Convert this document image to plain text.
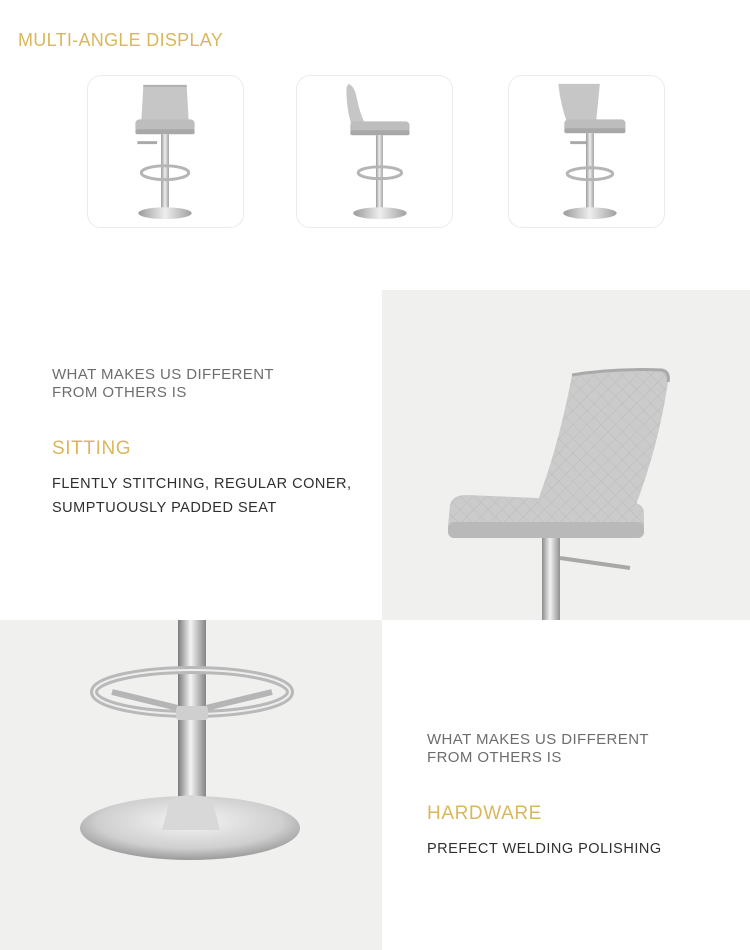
MULTI-ANGLE DISPLAY
WHAT MAKES US DIFFERENT FROM OTHERS IS
SITTING
FLENTLY STITCHING, REGULAR CONER, SUMPTUOUSLY PADDED SEAT
WHAT MAKES US DIFFERENT FROM OTHERS IS
HARDWARE
PREFECT WELDING POLISHING
